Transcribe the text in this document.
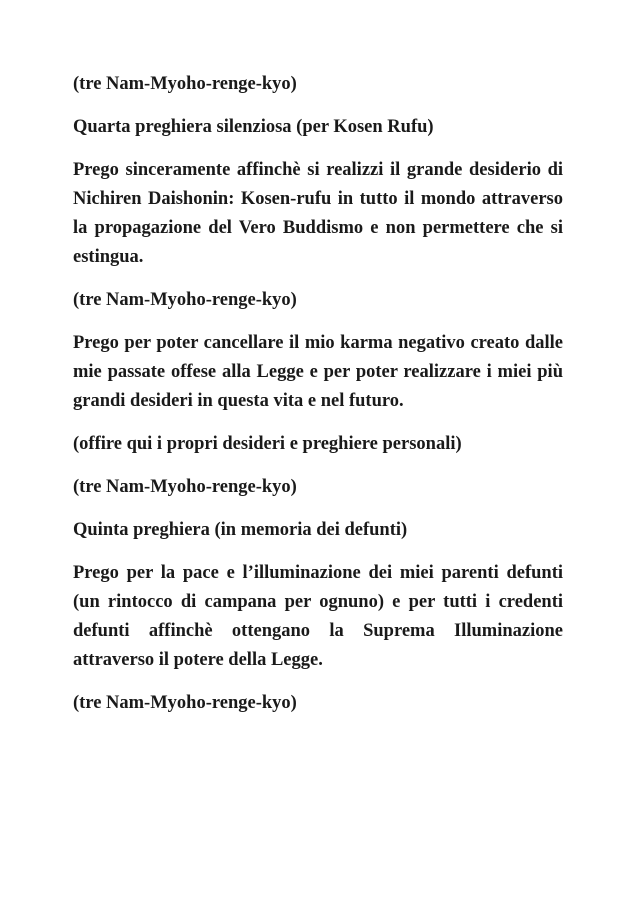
(tre Nam-Myoho-renge-kyo)

Quarta preghiera silenziosa (per Kosen Rufu)

Prego sinceramente affinchè si realizzi il grande desiderio di Nichiren Daishonin: Kosen-rufu in tutto il mondo attraverso la propagazione del Vero Buddismo e non permettere che si estingua.

(tre Nam-Myoho-renge-kyo)

Prego per poter cancellare il mio karma negativo creato dalle mie passate offese alla Legge e per poter realizzare i miei più grandi desideri in questa vita e nel futuro.

(offire qui i propri desideri e preghiere personali)

(tre Nam-Myoho-renge-kyo)

Quinta preghiera (in memoria dei defunti)

Prego per la pace e l’illuminazione dei miei parenti defunti (un rintocco di campana per ognuno) e per tutti i credenti defunti affinchè ottengano la Suprema Illuminazione attraverso il potere della Legge.

(tre Nam-Myoho-renge-kyo)
